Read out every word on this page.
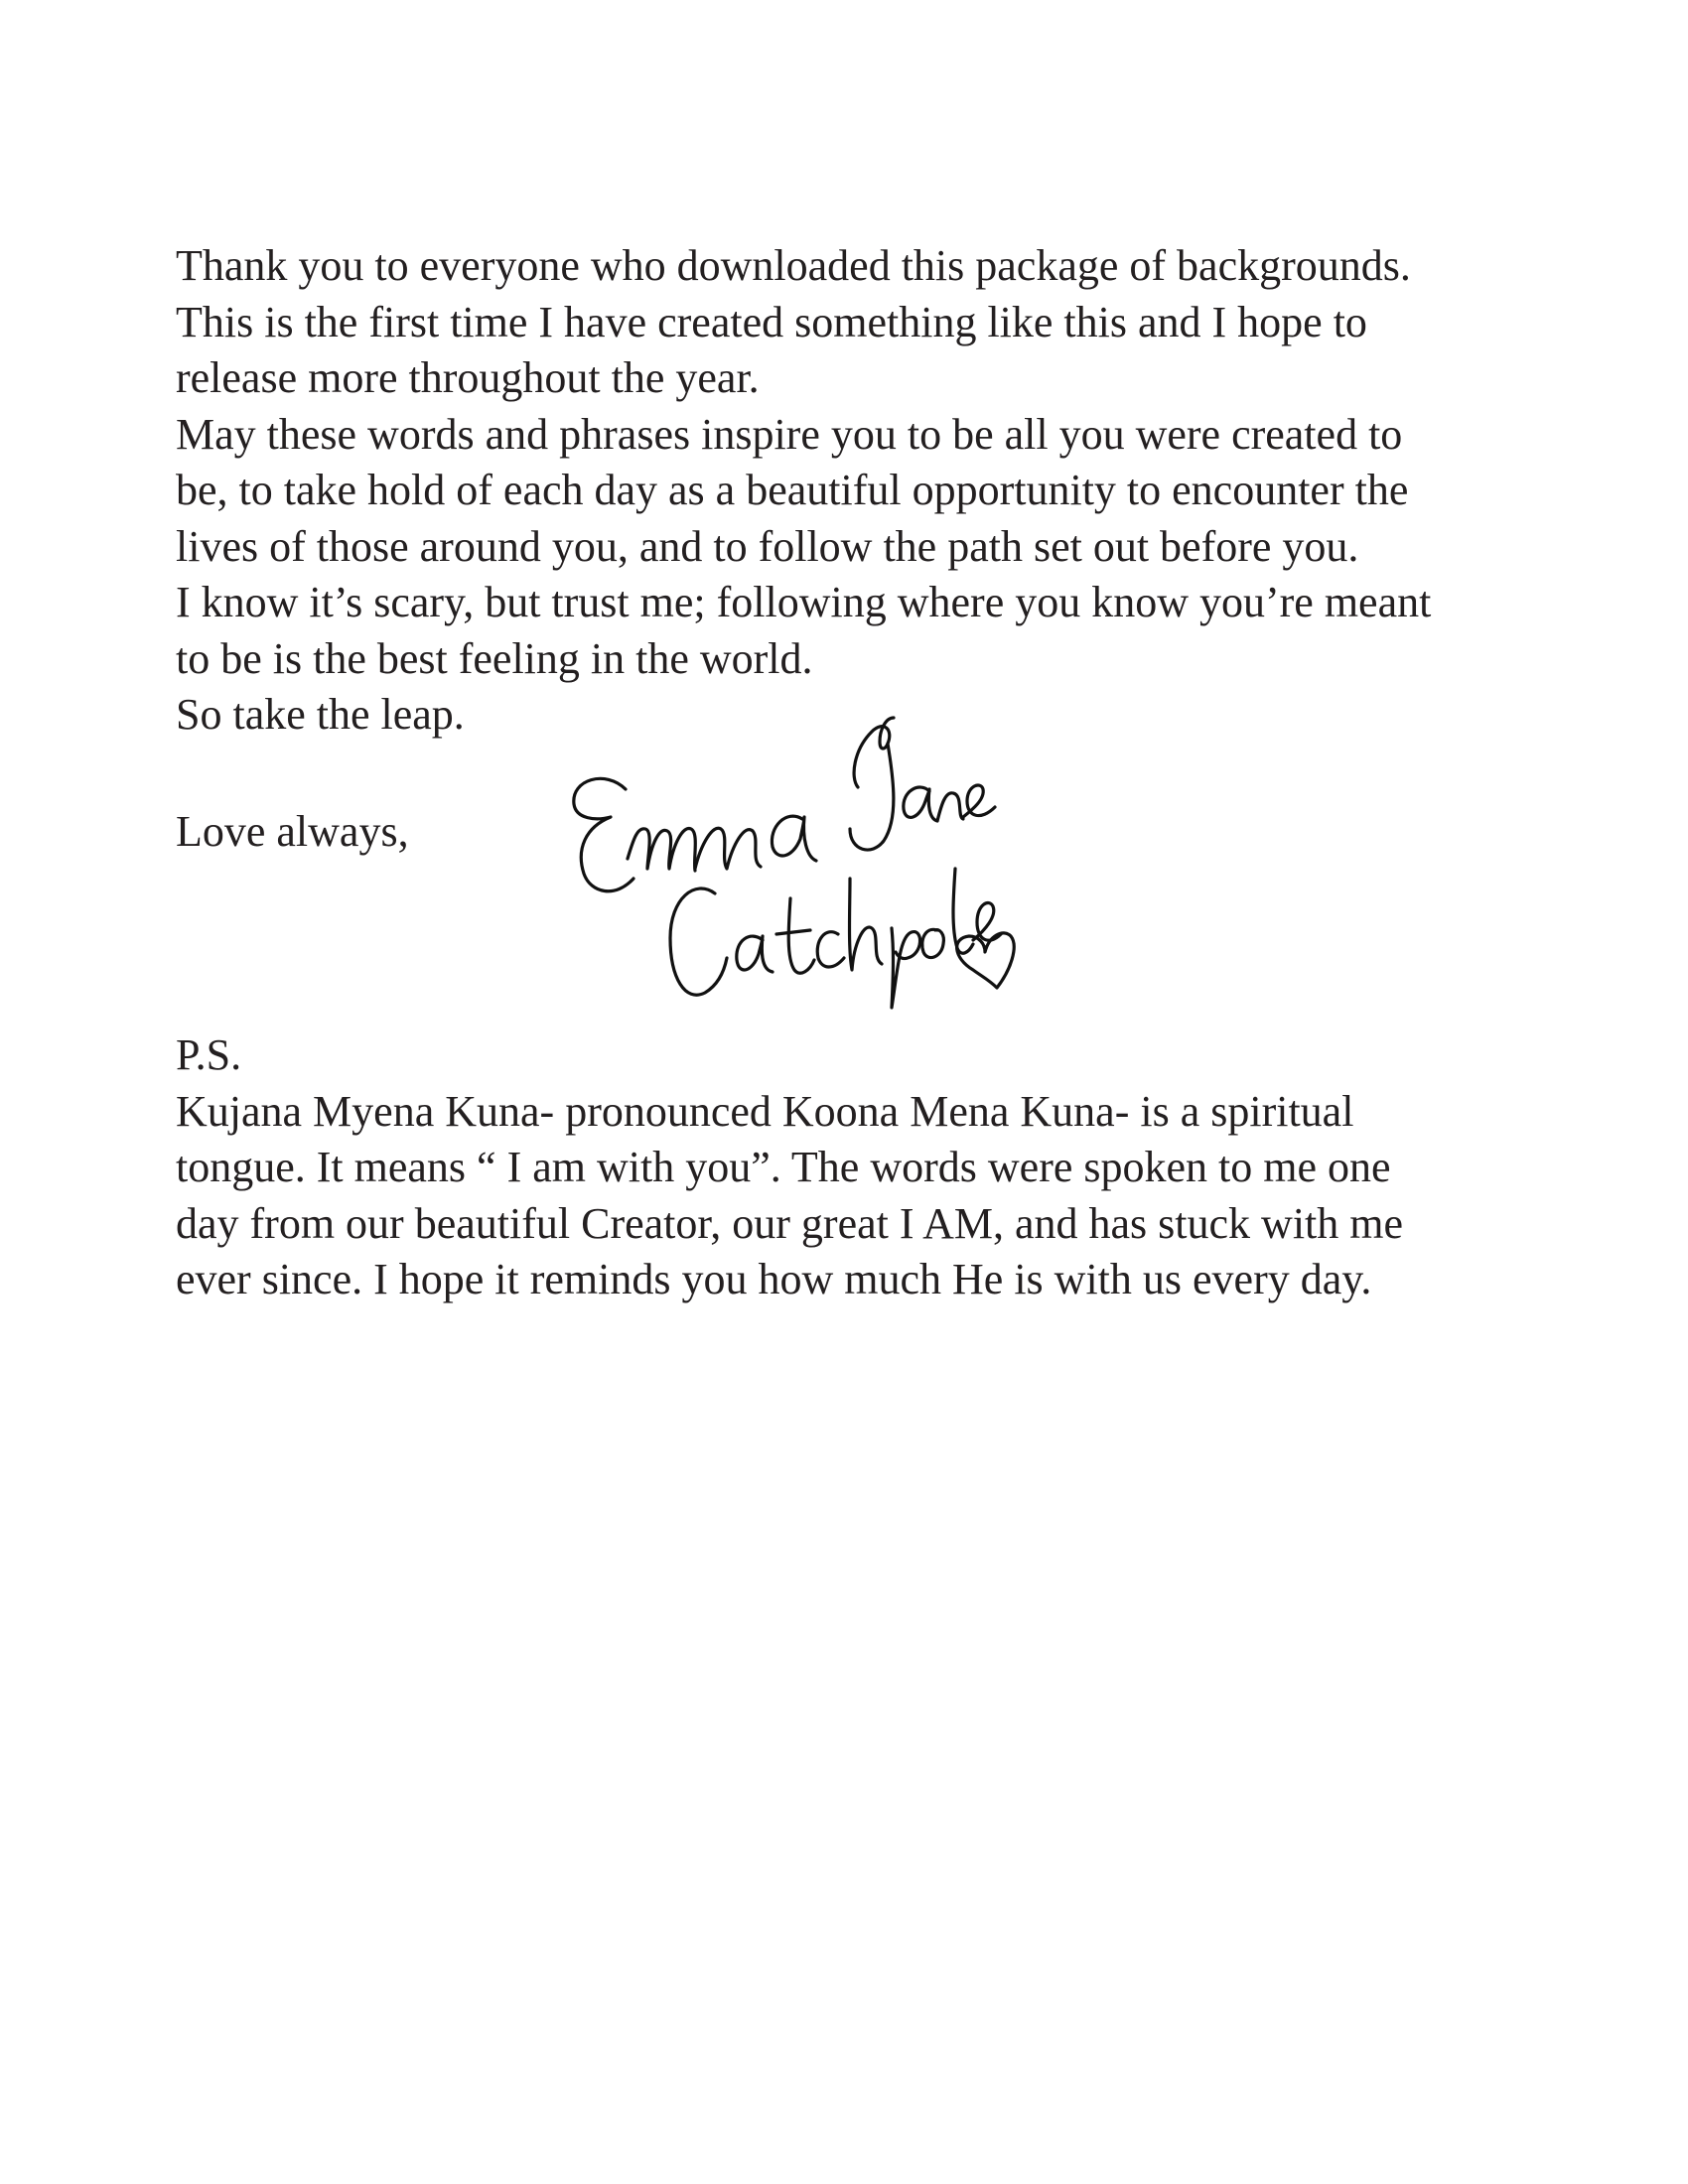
Thank you to everyone who downloaded this package of backgrounds.
This is the first time I have created something like this and I hope to
release more throughout the year.
May these words and phrases inspire you to be all you were created to
be, to take hold of each day as a beautiful opportunity to encounter the
lives of those around you, and to follow the path set out before you.
I know it’s scary, but trust me; following where you know you’re meant
to be is the best feeling in the world.
So take the leap.
Love always,
P.S.
Kujana Myena Kuna- pronounced Koona Mena Kuna- is a spiritual
tongue. It means “ I am with you”. The words were spoken to me one
day from our beautiful Creator, our great I AM, and has stuck with me
ever since. I hope it reminds you how much He is with us every day.
